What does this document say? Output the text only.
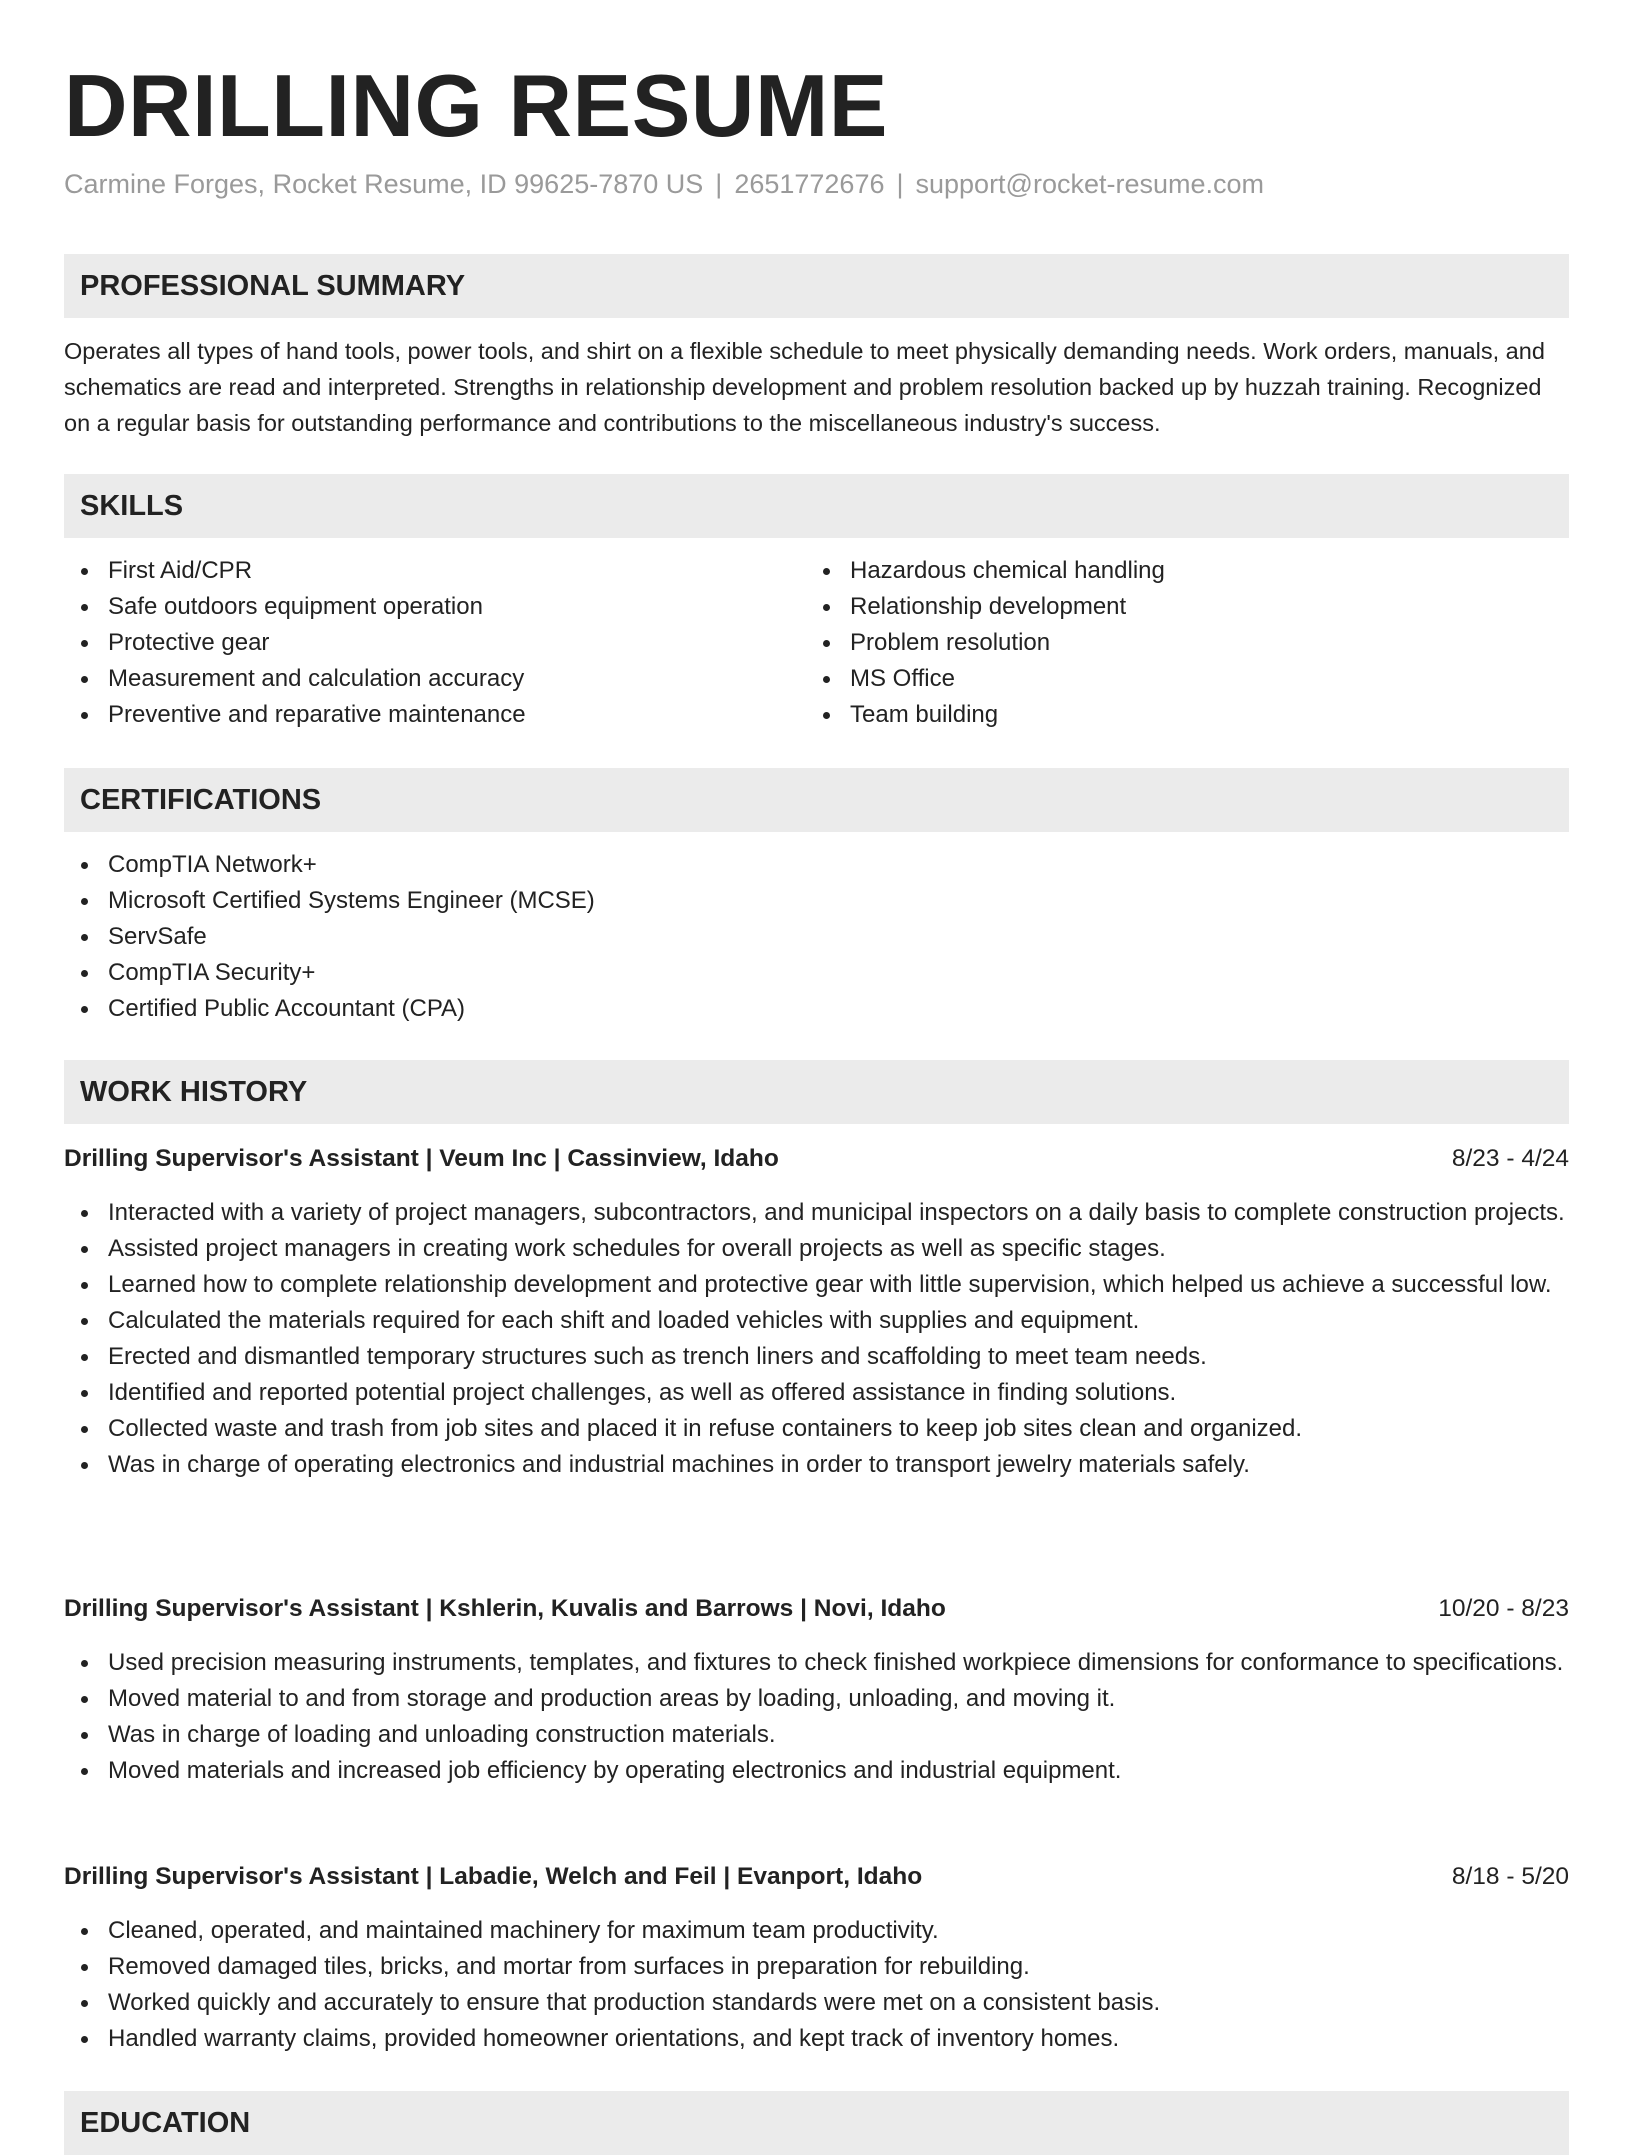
DRILLING RESUME
Carmine Forges, Rocket Resume, ID 99625-7870 US | 2651772676 | support@rocket-resume.com
PROFESSIONAL SUMMARY

Operates all types of hand tools, power tools, and shirt on a flexible schedule to meet physically demanding needs. Work orders, manuals, and schematics are read and interpreted. Strengths in relationship development and problem resolution backed up by huzzah training. Recognized on a regular basis for outstanding performance and contributions to the miscellaneous industry's success.

SKILLS
First Aid/CPR
Safe outdoors equipment operation
Protective gear
Measurement and calculation accuracy
Preventive and reparative maintenance
Hazardous chemical handling
Relationship development
Problem resolution
MS Office
Team building
CERTIFICATIONS
CompTIA Network+
Microsoft Certified Systems Engineer (MCSE)
ServSafe
CompTIA Security+
Certified Public Accountant (CPA)
WORK HISTORY
Drilling Supervisor's Assistant | Veum Inc | Cassinview, Idaho	8/23 - 4/24
Interacted with a variety of project managers, subcontractors, and municipal inspectors on a daily basis to complete construction projects.
Assisted project managers in creating work schedules for overall projects as well as specific stages.
Learned how to complete relationship development and protective gear with little supervision, which helped us achieve a successful low.
Calculated the materials required for each shift and loaded vehicles with supplies and equipment.
Erected and dismantled temporary structures such as trench liners and scaffolding to meet team needs.
Identified and reported potential project challenges, as well as offered assistance in finding solutions.
Collected waste and trash from job sites and placed it in refuse containers to keep job sites clean and organized.
Was in charge of operating electronics and industrial machines in order to transport jewelry materials safely.
Drilling Supervisor's Assistant | Kshlerin, Kuvalis and Barrows | Novi, Idaho	10/20 - 8/23
Used precision measuring instruments, templates, and fixtures to check finished workpiece dimensions for conformance to specifications.
Moved material to and from storage and production areas by loading, unloading, and moving it.
Was in charge of loading and unloading construction materials.
Moved materials and increased job efficiency by operating electronics and industrial equipment.
Drilling Supervisor's Assistant | Labadie, Welch and Feil | Evanport, Idaho	8/18 - 5/20
Cleaned, operated, and maintained machinery for maximum team productivity.
Removed damaged tiles, bricks, and mortar from surfaces in preparation for rebuilding.
Worked quickly and accurately to ensure that production standards were met on a consistent basis.
Handled warranty claims, provided homeowner orientations, and kept track of inventory homes.
EDUCATION
